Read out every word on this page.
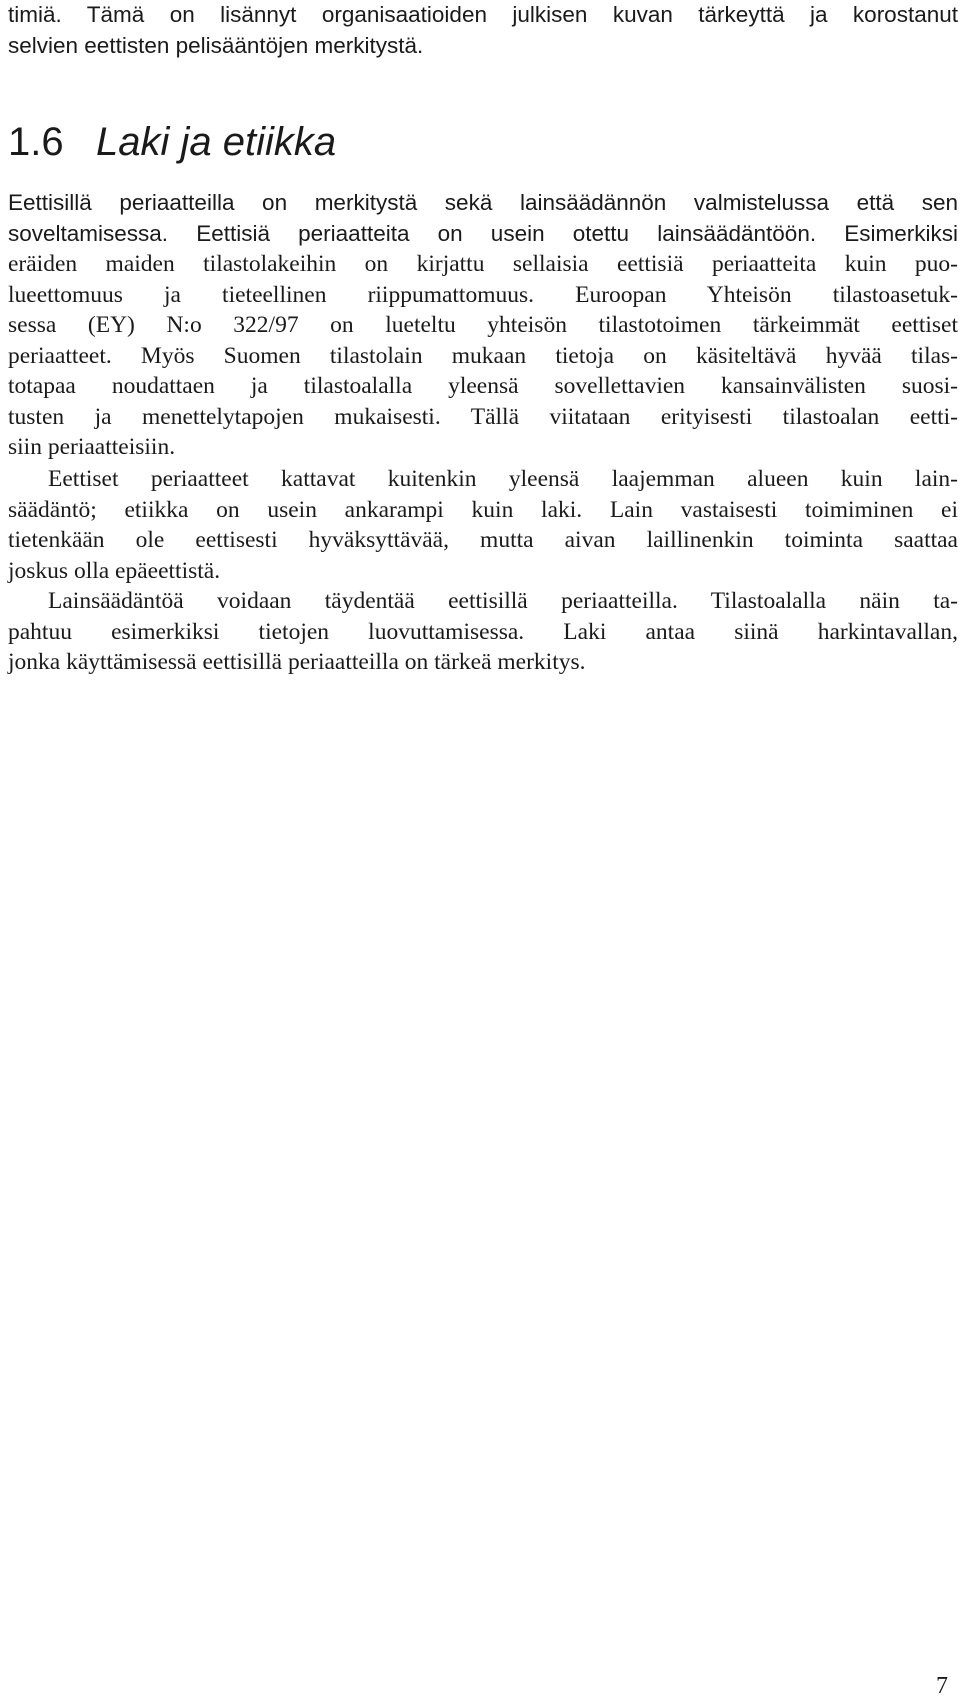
timiä. Tämä on lisännyt organisaatioiden julkisen kuvan tärkeyttä ja korostanut
selvien eettisten pelisääntöjen merkitystä.
1.6 Laki ja etiikka
Eettisillä periaatteilla on merkitystä sekä lainsäädännön valmistelussa että sen
soveltamisessa. Eettisiä periaatteita on usein otettu lainsäädäntöön. Esimerkiksi
eräiden maiden tilastolakeihin on kirjattu sellaisia eettisiä periaatteita kuin puo-
lueettomuus ja tieteellinen riippumattomuus. Euroopan Yhteisön tilastoasetuk-
sessa (EY) N:o 322/97 on lueteltu yhteisön tilastotoimen tärkeimmät eettiset
periaatteet. Myös Suomen tilastolain mukaan tietoja on käsiteltävä hyvää tilas-
totapaa noudattaen ja tilastoalalla yleensä sovellettavien kansainvälisten suosi-
tusten ja menettelytapojen mukaisesti. Tällä viitataan erityisesti tilastoalan eetti-
siin periaatteisiin.
Eettiset periaatteet kattavat kuitenkin yleensä laajemman alueen kuin lain-
säädäntö; etiikka on usein ankarampi kuin laki. Lain vastaisesti toimiminen ei
tietenkään ole eettisesti hyväksyttävää, mutta aivan laillinenkin toiminta saattaa
joskus olla epäeettistä.
Lainsäädäntöä voidaan täydentää eettisillä periaatteilla. Tilastoalalla näin ta-
pahtuu esimerkiksi tietojen luovuttamisessa. Laki antaa siinä harkintavallan,
jonka käyttämisessä eettisillä periaatteilla on tärkeä merkitys.
7
